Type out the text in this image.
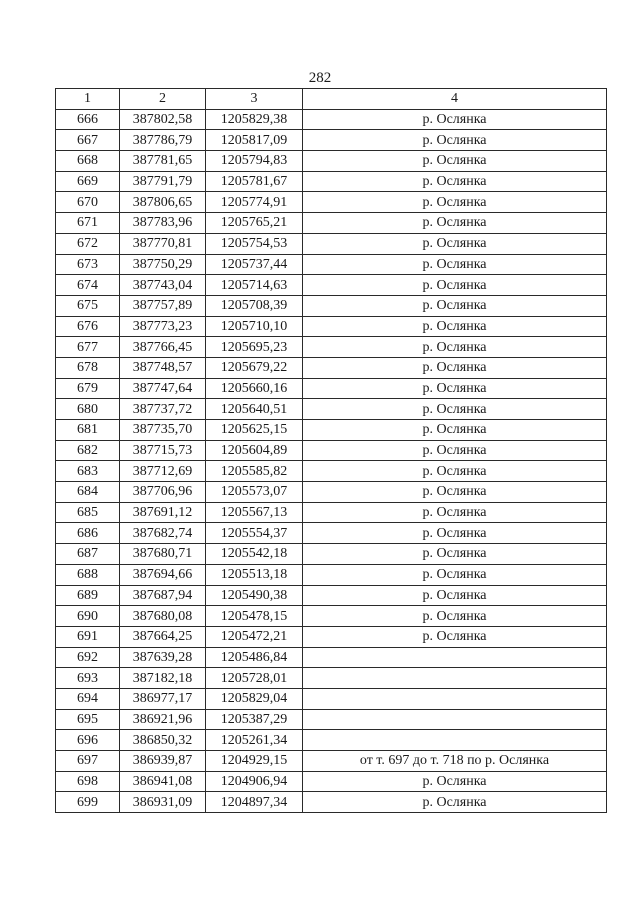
282
1	2	3	4
666	387802,58	1205829,38	р. Ослянка
667	387786,79	1205817,09	р. Ослянка
668	387781,65	1205794,83	р. Ослянка
669	387791,79	1205781,67	р. Ослянка
670	387806,65	1205774,91	р. Ослянка
671	387783,96	1205765,21	р. Ослянка
672	387770,81	1205754,53	р. Ослянка
673	387750,29	1205737,44	р. Ослянка
674	387743,04	1205714,63	р. Ослянка
675	387757,89	1205708,39	р. Ослянка
676	387773,23	1205710,10	р. Ослянка
677	387766,45	1205695,23	р. Ослянка
678	387748,57	1205679,22	р. Ослянка
679	387747,64	1205660,16	р. Ослянка
680	387737,72	1205640,51	р. Ослянка
681	387735,70	1205625,15	р. Ослянка
682	387715,73	1205604,89	р. Ослянка
683	387712,69	1205585,82	р. Ослянка
684	387706,96	1205573,07	р. Ослянка
685	387691,12	1205567,13	р. Ослянка
686	387682,74	1205554,37	р. Ослянка
687	387680,71	1205542,18	р. Ослянка
688	387694,66	1205513,18	р. Ослянка
689	387687,94	1205490,38	р. Ослянка
690	387680,08	1205478,15	р. Ослянка
691	387664,25	1205472,21	р. Ослянка
692	387639,28	1205486,84	
693	387182,18	1205728,01	
694	386977,17	1205829,04	
695	386921,96	1205387,29	
696	386850,32	1205261,34	
697	386939,87	1204929,15	от т. 697 до т. 718 по р. Ослянка
698	386941,08	1204906,94	р. Ослянка
699	386931,09	1204897,34	р. Ослянка
